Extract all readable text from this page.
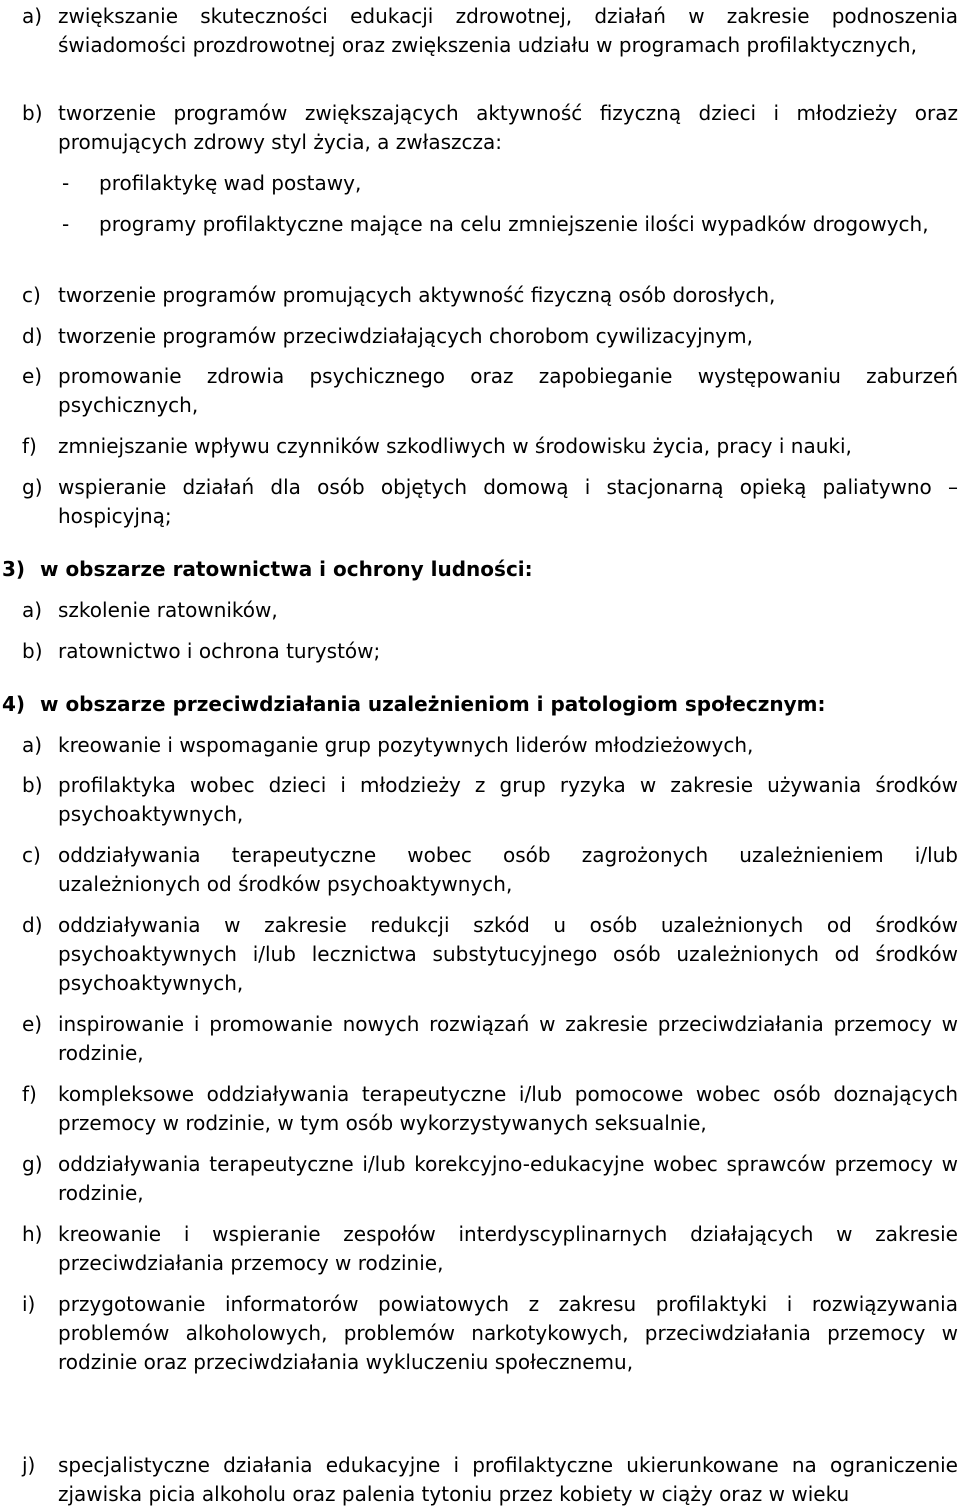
a) zwiększanie skuteczności edukacji zdrowotnej, działań w zakresie podnoszenia świadomości prozdrowotnej oraz zwiększenia udziału w programach profilaktycznych,
b) tworzenie programów zwiększających aktywność fizyczną dzieci i młodzieży oraz promujących zdrowy styl życia, a zwłaszcza:
-	profilaktykę wad postawy,
-	programy profilaktyczne mające na celu zmniejszenie ilości wypadków drogowych,
c) tworzenie programów promujących aktywność fizyczną osób dorosłych,
d) tworzenie programów przeciwdziałających chorobom cywilizacyjnym,
e) promowanie zdrowia psychicznego oraz zapobieganie występowaniu zaburzeń psychicznych,
f)	zmniejszanie wpływu czynników szkodliwych w środowisku życia, pracy i nauki,
g) wspieranie działań dla osób objętych domową i stacjonarną opieką paliatywno – hospicyjną;
3) w obszarze ratownictwa i ochrony ludności:
a) szkolenie ratowników,
b) ratownictwo i ochrona turystów;
4) w obszarze przeciwdziałania uzależnieniom i patologiom społecznym:
a) kreowanie i wspomaganie grup pozytywnych liderów młodzieżowych,
b) profilaktyka wobec dzieci i młodzieży z grup ryzyka w zakresie używania środków psychoaktywnych,
c) oddziaływania terapeutyczne wobec osób zagrożonych uzależnieniem i/lub uzależnionych od środków psychoaktywnych,
d) oddziaływania w zakresie redukcji szkód u osób uzależnionych od środków psychoaktywnych i/lub lecznictwa substytucyjnego osób uzależnionych od środków psychoaktywnych,
e) inspirowanie i promowanie nowych rozwiązań w zakresie przeciwdziałania przemocy w rodzinie,
f)	kompleksowe oddziaływania terapeutyczne i/lub pomocowe wobec osób doznających przemocy w rodzinie, w tym osób wykorzystywanych seksualnie,
g) oddziaływania terapeutyczne i/lub korekcyjno-edukacyjne wobec sprawców przemocy w rodzinie,
h) kreowanie i wspieranie zespołów interdyscyplinarnych działających w zakresie przeciwdziałania przemocy w rodzinie,
i)	przygotowanie informatorów powiatowych z zakresu profilaktyki i rozwiązywania problemów alkoholowych, problemów narkotykowych, przeciwdziałania przemocy w rodzinie oraz przeciwdziałania wykluczeniu społecznemu,
j)	specjalistyczne działania edukacyjne i profilaktyczne ukierunkowane na ograniczenie zjawiska picia alkoholu oraz palenia tytoniu przez kobiety w ciąży oraz w wieku
